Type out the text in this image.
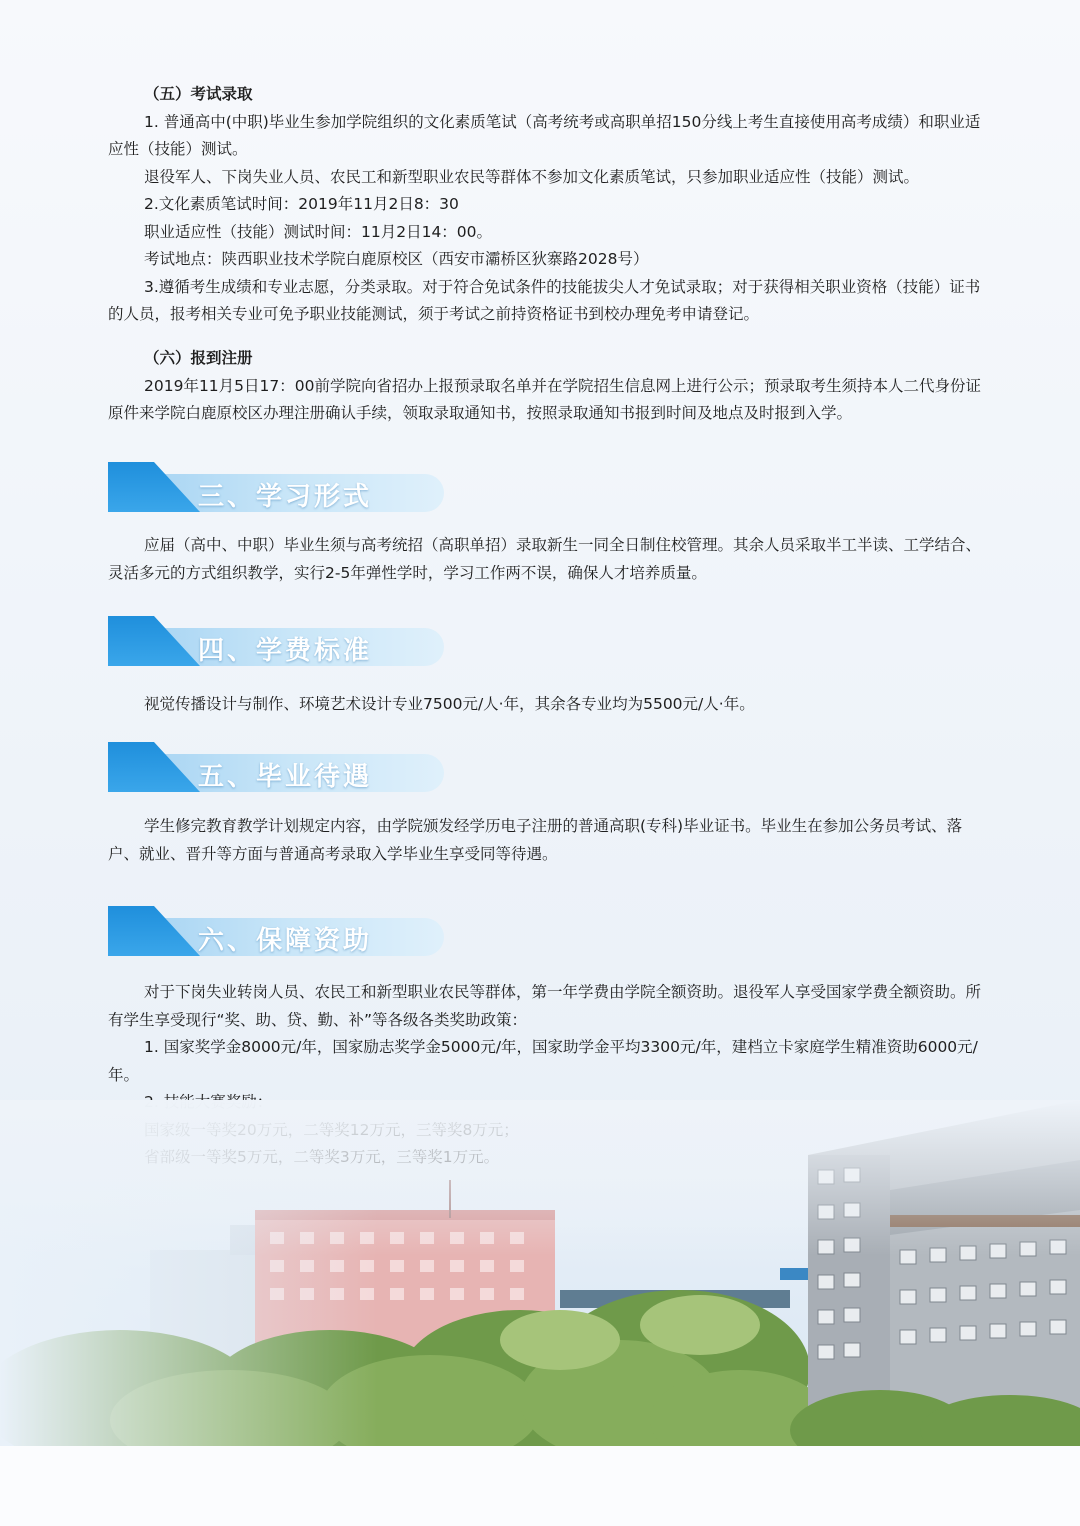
（五）考试录取

1. 普通高中(中职)毕业生参加学院组织的文化素质笔试（高考统考或高职单招150分线上考生直接使用高考成绩）和职业适应性（技能）测试。

退役军人、下岗失业人员、农民工和新型职业农民等群体不参加文化素质笔试，只参加职业适应性（技能）测试。

2.文化素质笔试时间：2019年11月2日8：30

职业适应性（技能）测试时间：11月2日14：00。

考试地点：陕西职业技术学院白鹿原校区（西安市灞桥区狄寨路2028号）

3.遵循考生成绩和专业志愿，分类录取。对于符合免试条件的技能拔尖人才免试录取；对于获得相关职业资格（技能）证书的人员，报考相关专业可免予职业技能测试，须于考试之前持资格证书到校办理免考申请登记。

（六）报到注册

2019年11月5日17：00前学院向省招办上报预录取名单并在学院招生信息网上进行公示；预录取考生须持本人二代身份证原件来学院白鹿原校区办理注册确认手续，领取录取通知书，按照录取通知书报到时间及地点及时报到入学。

三、学习形式

应届（高中、中职）毕业生须与高考统招（高职单招）录取新生一同全日制住校管理。其余人员采取半工半读、工学结合、灵活多元的方式组织教学，实行2-5年弹性学时，学习工作两不误，确保人才培养质量。

四、学费标准

视觉传播设计与制作、环境艺术设计专业7500元/人·年，其余各专业均为5500元/人·年。

五、毕业待遇

学生修完教育教学计划规定内容，由学院颁发经学历电子注册的普通高职(专科)毕业证书。毕业生在参加公务员考试、落户、就业、晋升等方面与普通高考录取入学毕业生享受同等待遇。

六、保障资助

对于下岗失业转岗人员、农民工和新型职业农民等群体，第一年学费由学院全额资助。退役军人享受国家学费全额资助。所有学生享受现行“奖、助、贷、勤、补”等各级各类奖助政策：

1. 国家奖学金8000元/年，国家励志奖学金5000元/年，国家助学金平均3300元/年，建档立卡家庭学生精准资助6000元/年。
